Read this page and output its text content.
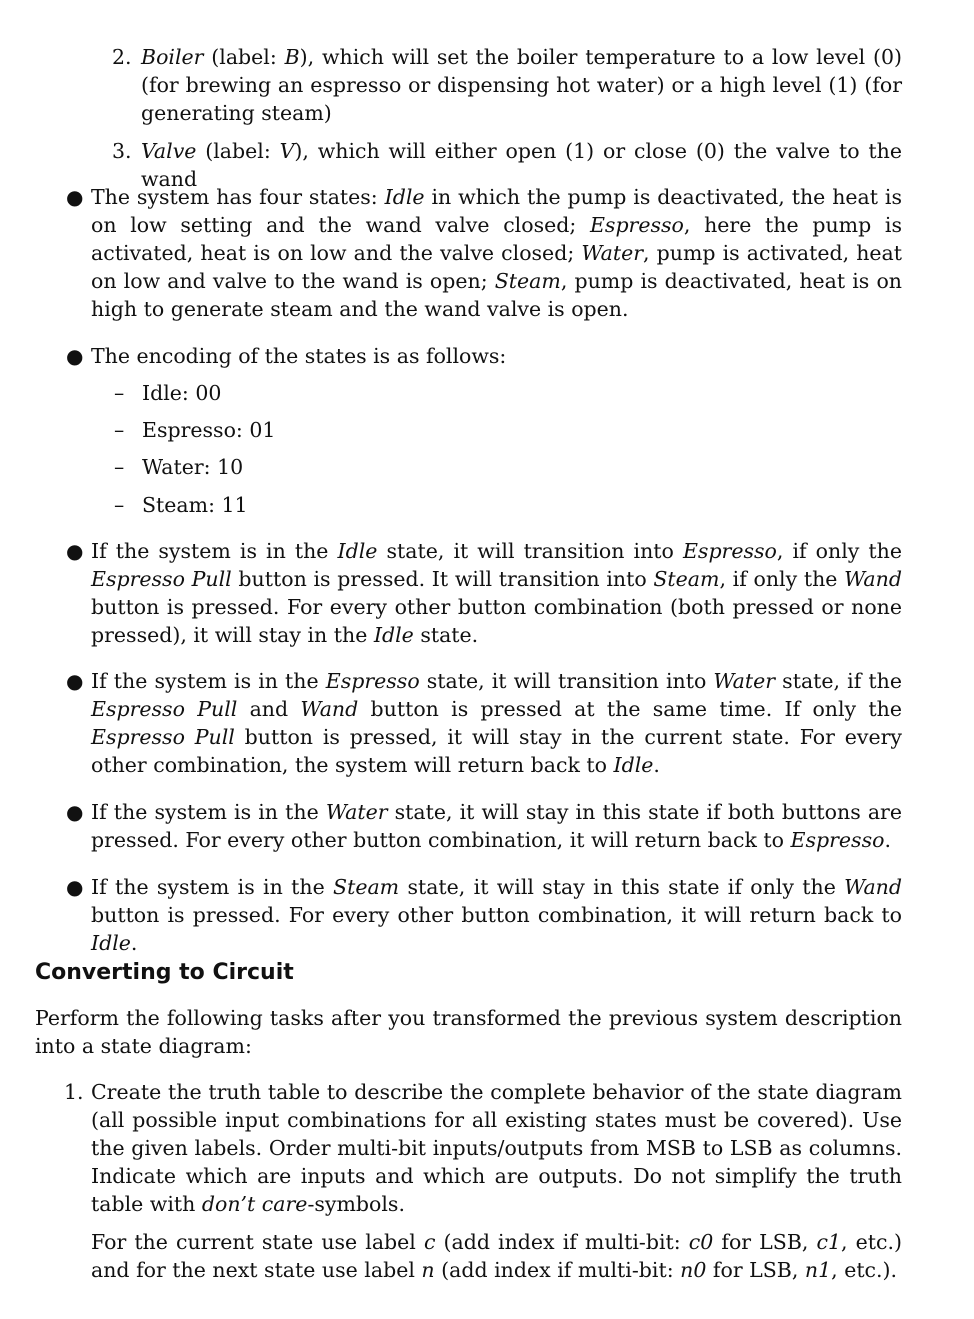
2. Boiler (label: B), which will set the boiler temperature to a low level (0) (for brewing an espresso or dispensing hot water) or a high level (1) (for generating steam)
3. Valve (label: V), which will either open (1) or close (0) the valve to the wand
● The system has four states: Idle in which the pump is deactivated, the heat is on low setting and the wand valve closed; Espresso, here the pump is activated, heat is on low and the valve closed; Water, pump is activated, heat on low and valve to the wand is open; Steam, pump is deactivated, heat is on high to generate steam and the wand valve is open.
● The encoding of the states is as follows:
– Idle: 00
– Espresso: 01
– Water: 10
– Steam: 11
● If the system is in the Idle state, it will transition into Espresso, if only the Espresso Pull button is pressed. It will transition into Steam, if only the Wand button is pressed. For every other button combination (both pressed or none pressed), it will stay in the Idle state.
● If the system is in the Espresso state, it will transition into Water state, if the Espresso Pull and Wand button is pressed at the same time. If only the Espresso Pull button is pressed, it will stay in the current state. For every other combination, the system will return back to Idle.
● If the system is in the Water state, it will stay in this state if both buttons are pressed. For every other button combination, it will return back to Espresso.
● If the system is in the Steam state, it will stay in this state if only the Wand button is pressed. For every other button combination, it will return back to Idle.
Converting to Circuit
Perform the following tasks after you transformed the previous system description into a state diagram:
1. Create the truth table to describe the complete behavior of the state diagram (all possible input combinations for all existing states must be covered). Use the given labels. Order multi-bit inputs/outputs from MSB to LSB as columns. Indicate which are inputs and which are outputs. Do not simplify the truth table with don’t care-symbols.
For the current state use label c (add index if multi-bit: c0 for LSB, c1, etc.) and for the next state use label n (add index if multi-bit: n0 for LSB, n1, etc.).
